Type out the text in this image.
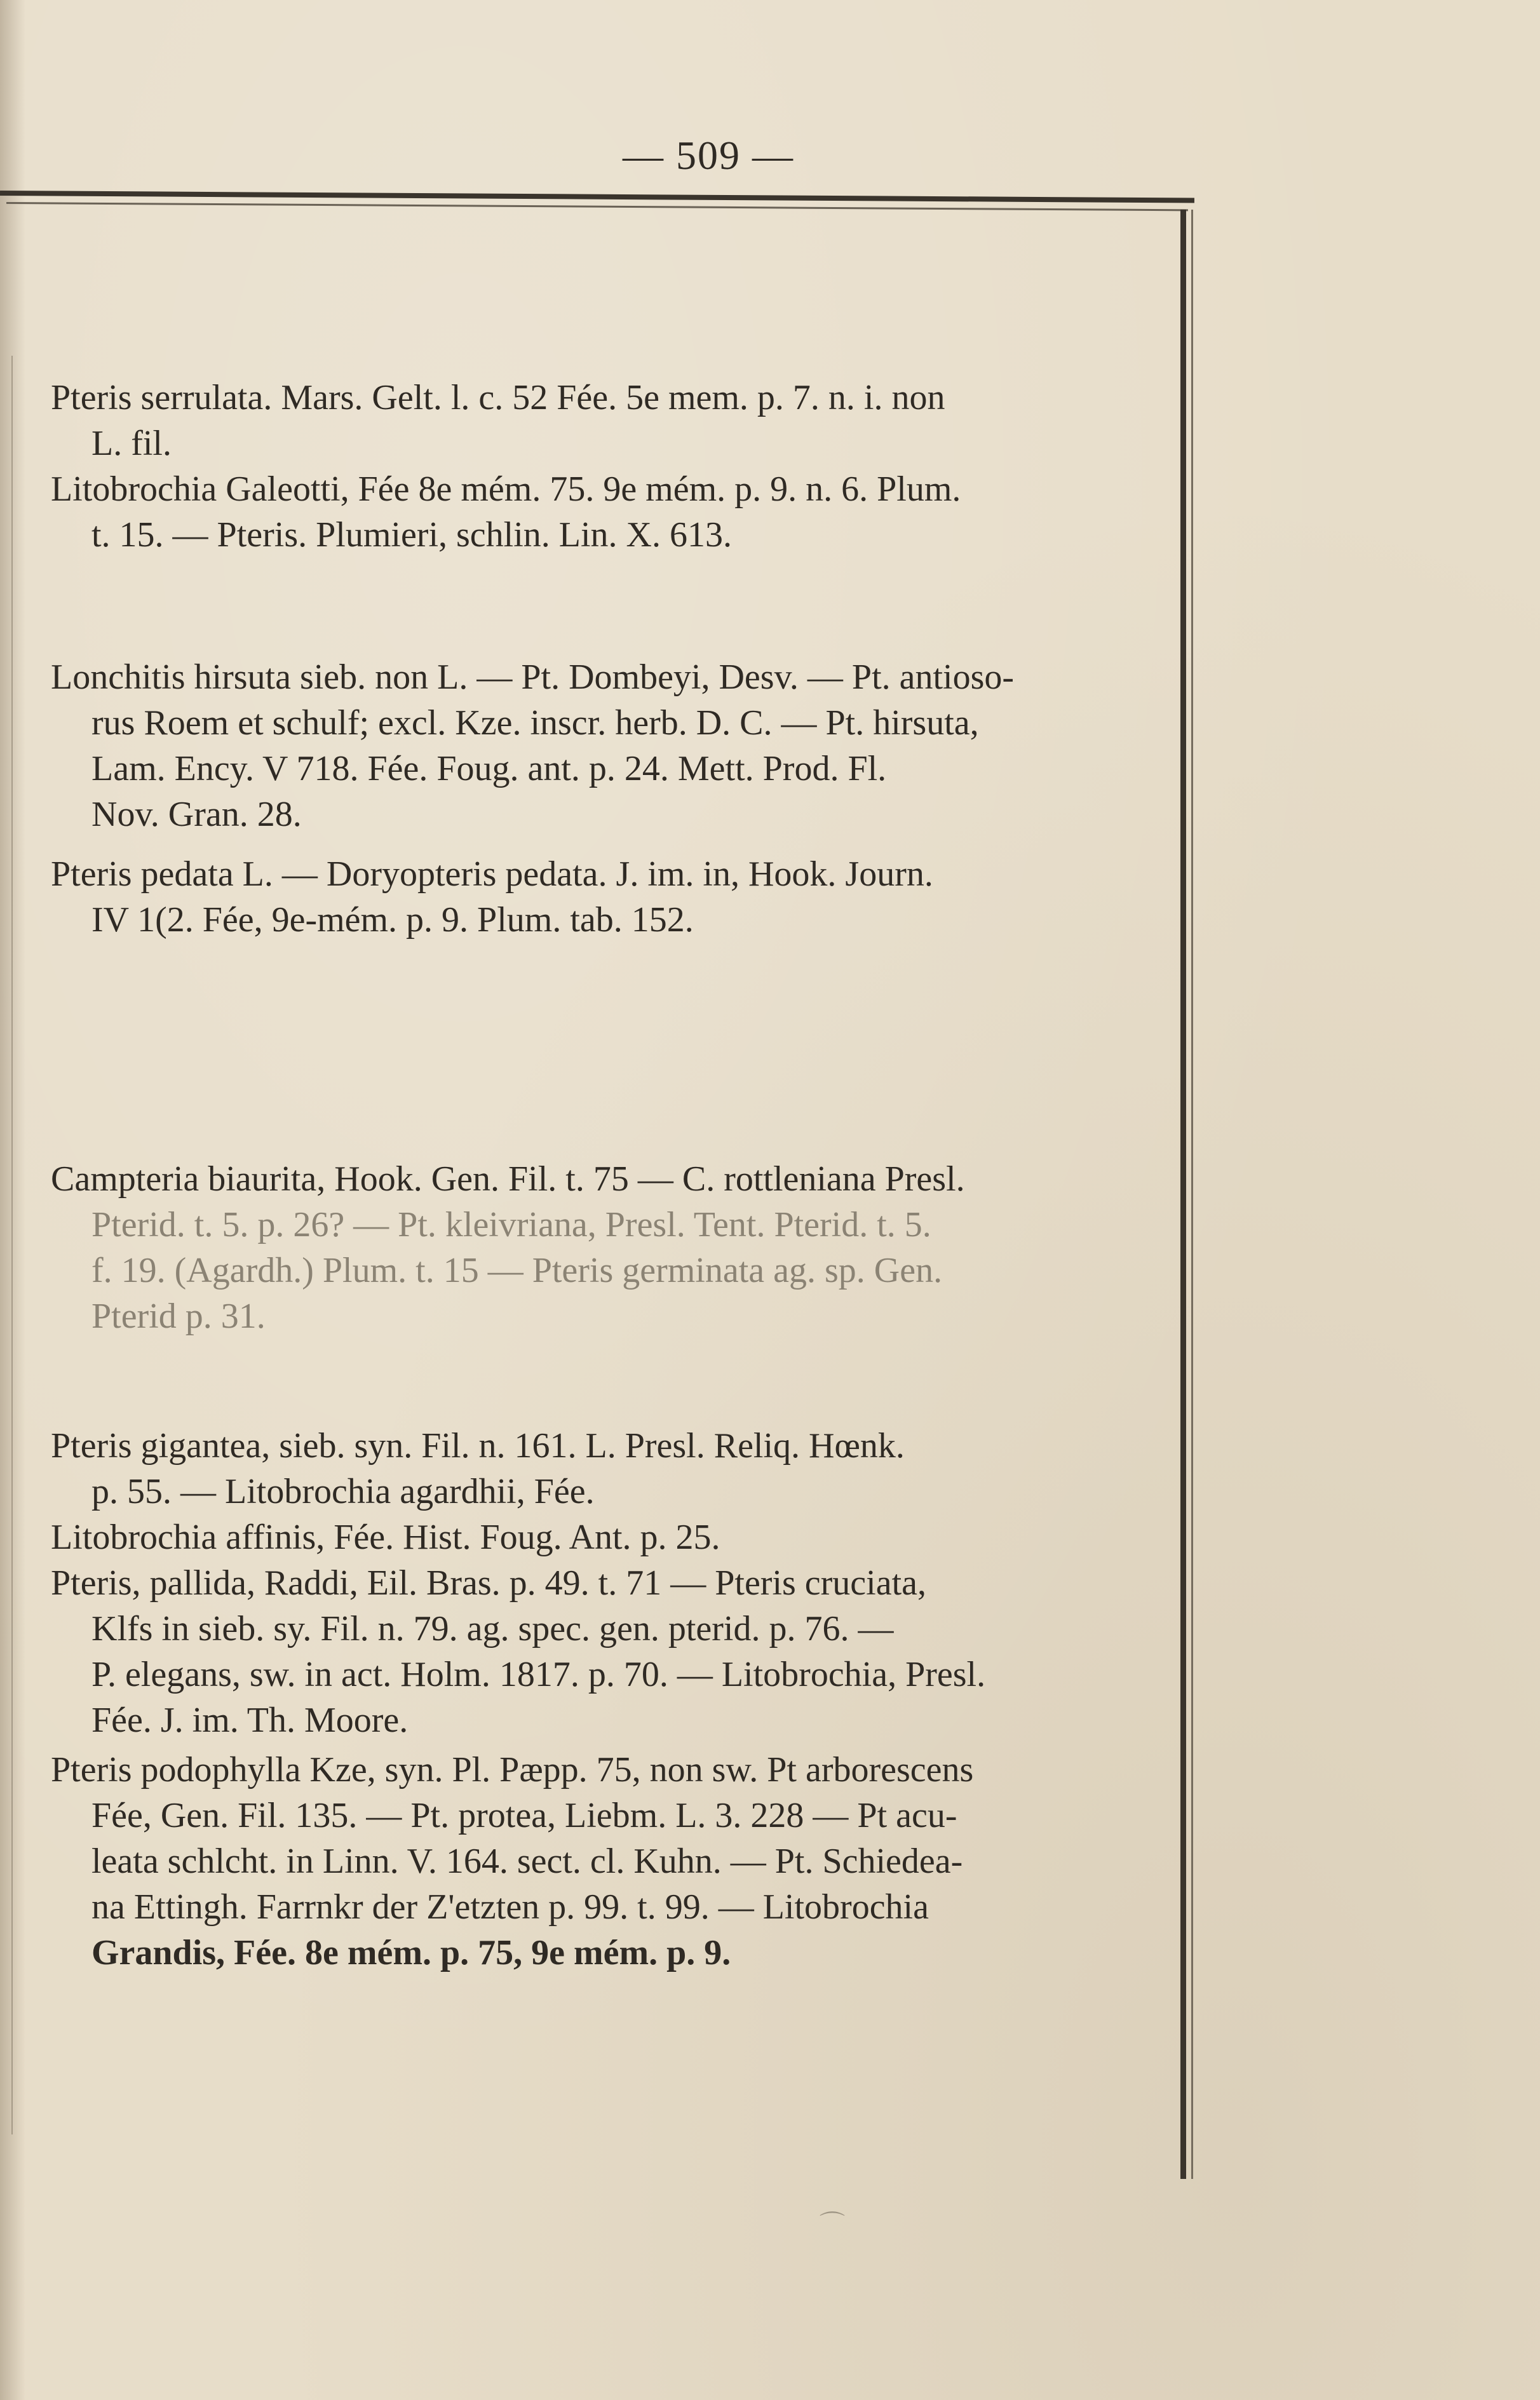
— 509 —

Pteris serrulata. Mars. Gelt. l. c. 52 Fée. 5e mem. p. 7. n. i. non
L. fil.
Litobrochia Galeotti, Fée 8e mém. 75. 9e mém. p. 9. n. 6. Plum.
t. 15. — Pteris. Plumieri, schlin. Lin. X. 613.

Lonchitis hirsuta sieb. non L. — Pt. Dombeyi, Desv. — Pt. antioso-
rus Roem et schulf; excl. Kze. inscr. herb. D. C. — Pt. hirsuta,
Lam. Ency. V 718. Fée. Foug. ant. p. 24. Mett. Prod. Fl.
Nov. Gran. 28.

Pteris pedata L. — Doryopteris pedata. J. im. in, Hook. Journ.
IV 1(2. Fée, 9e-mém. p. 9. Plum. tab. 152.

Campteria biaurita, Hook. Gen. Fil. t. 75 — C. rottleniana Presl.
Pterid. t. 5. p. 26? — Pt. kleivriana, Presl. Tent. Pterid. t. 5.
f. 19. (Agardh.) Plum. t. 15 — Pteris germinata ag. sp. Gen.
Pterid p. 31.

Pteris gigantea, sieb. syn. Fil. n. 161. L. Presl. Reliq. Hœnk.
p. 55. — Litobrochia agardhii, Fée.
Litobrochia affinis, Fée. Hist. Foug. Ant. p. 25.
Pteris, pallida, Raddi, Eil. Bras. p. 49. t. 71 — Pteris cruciata,
Klfs in sieb. sy. Fil. n. 79. ag. spec. gen. pterid. p. 76. —
P. elegans, sw. in act. Holm. 1817. p. 70. — Litobrochia, Presl.
Fée. J. im. Th. Moore.

Pteris podophylla Kze, syn. Pl. Pæpp. 75, non sw. Pt arborescens
Fée, Gen. Fil. 135. — Pt. protea, Liebm. L. 3. 228 — Pt acu-
leata schlcht. in Linn. V. 164. sect. cl. Kuhn. — Pt. Schiedea-
na Ettingh. Farrnkr der Z'etzten p. 99. t. 99. — Litobrochia
Grandis, Fée. 8e mém. p. 75, 9e mém. p. 9.

⌒
